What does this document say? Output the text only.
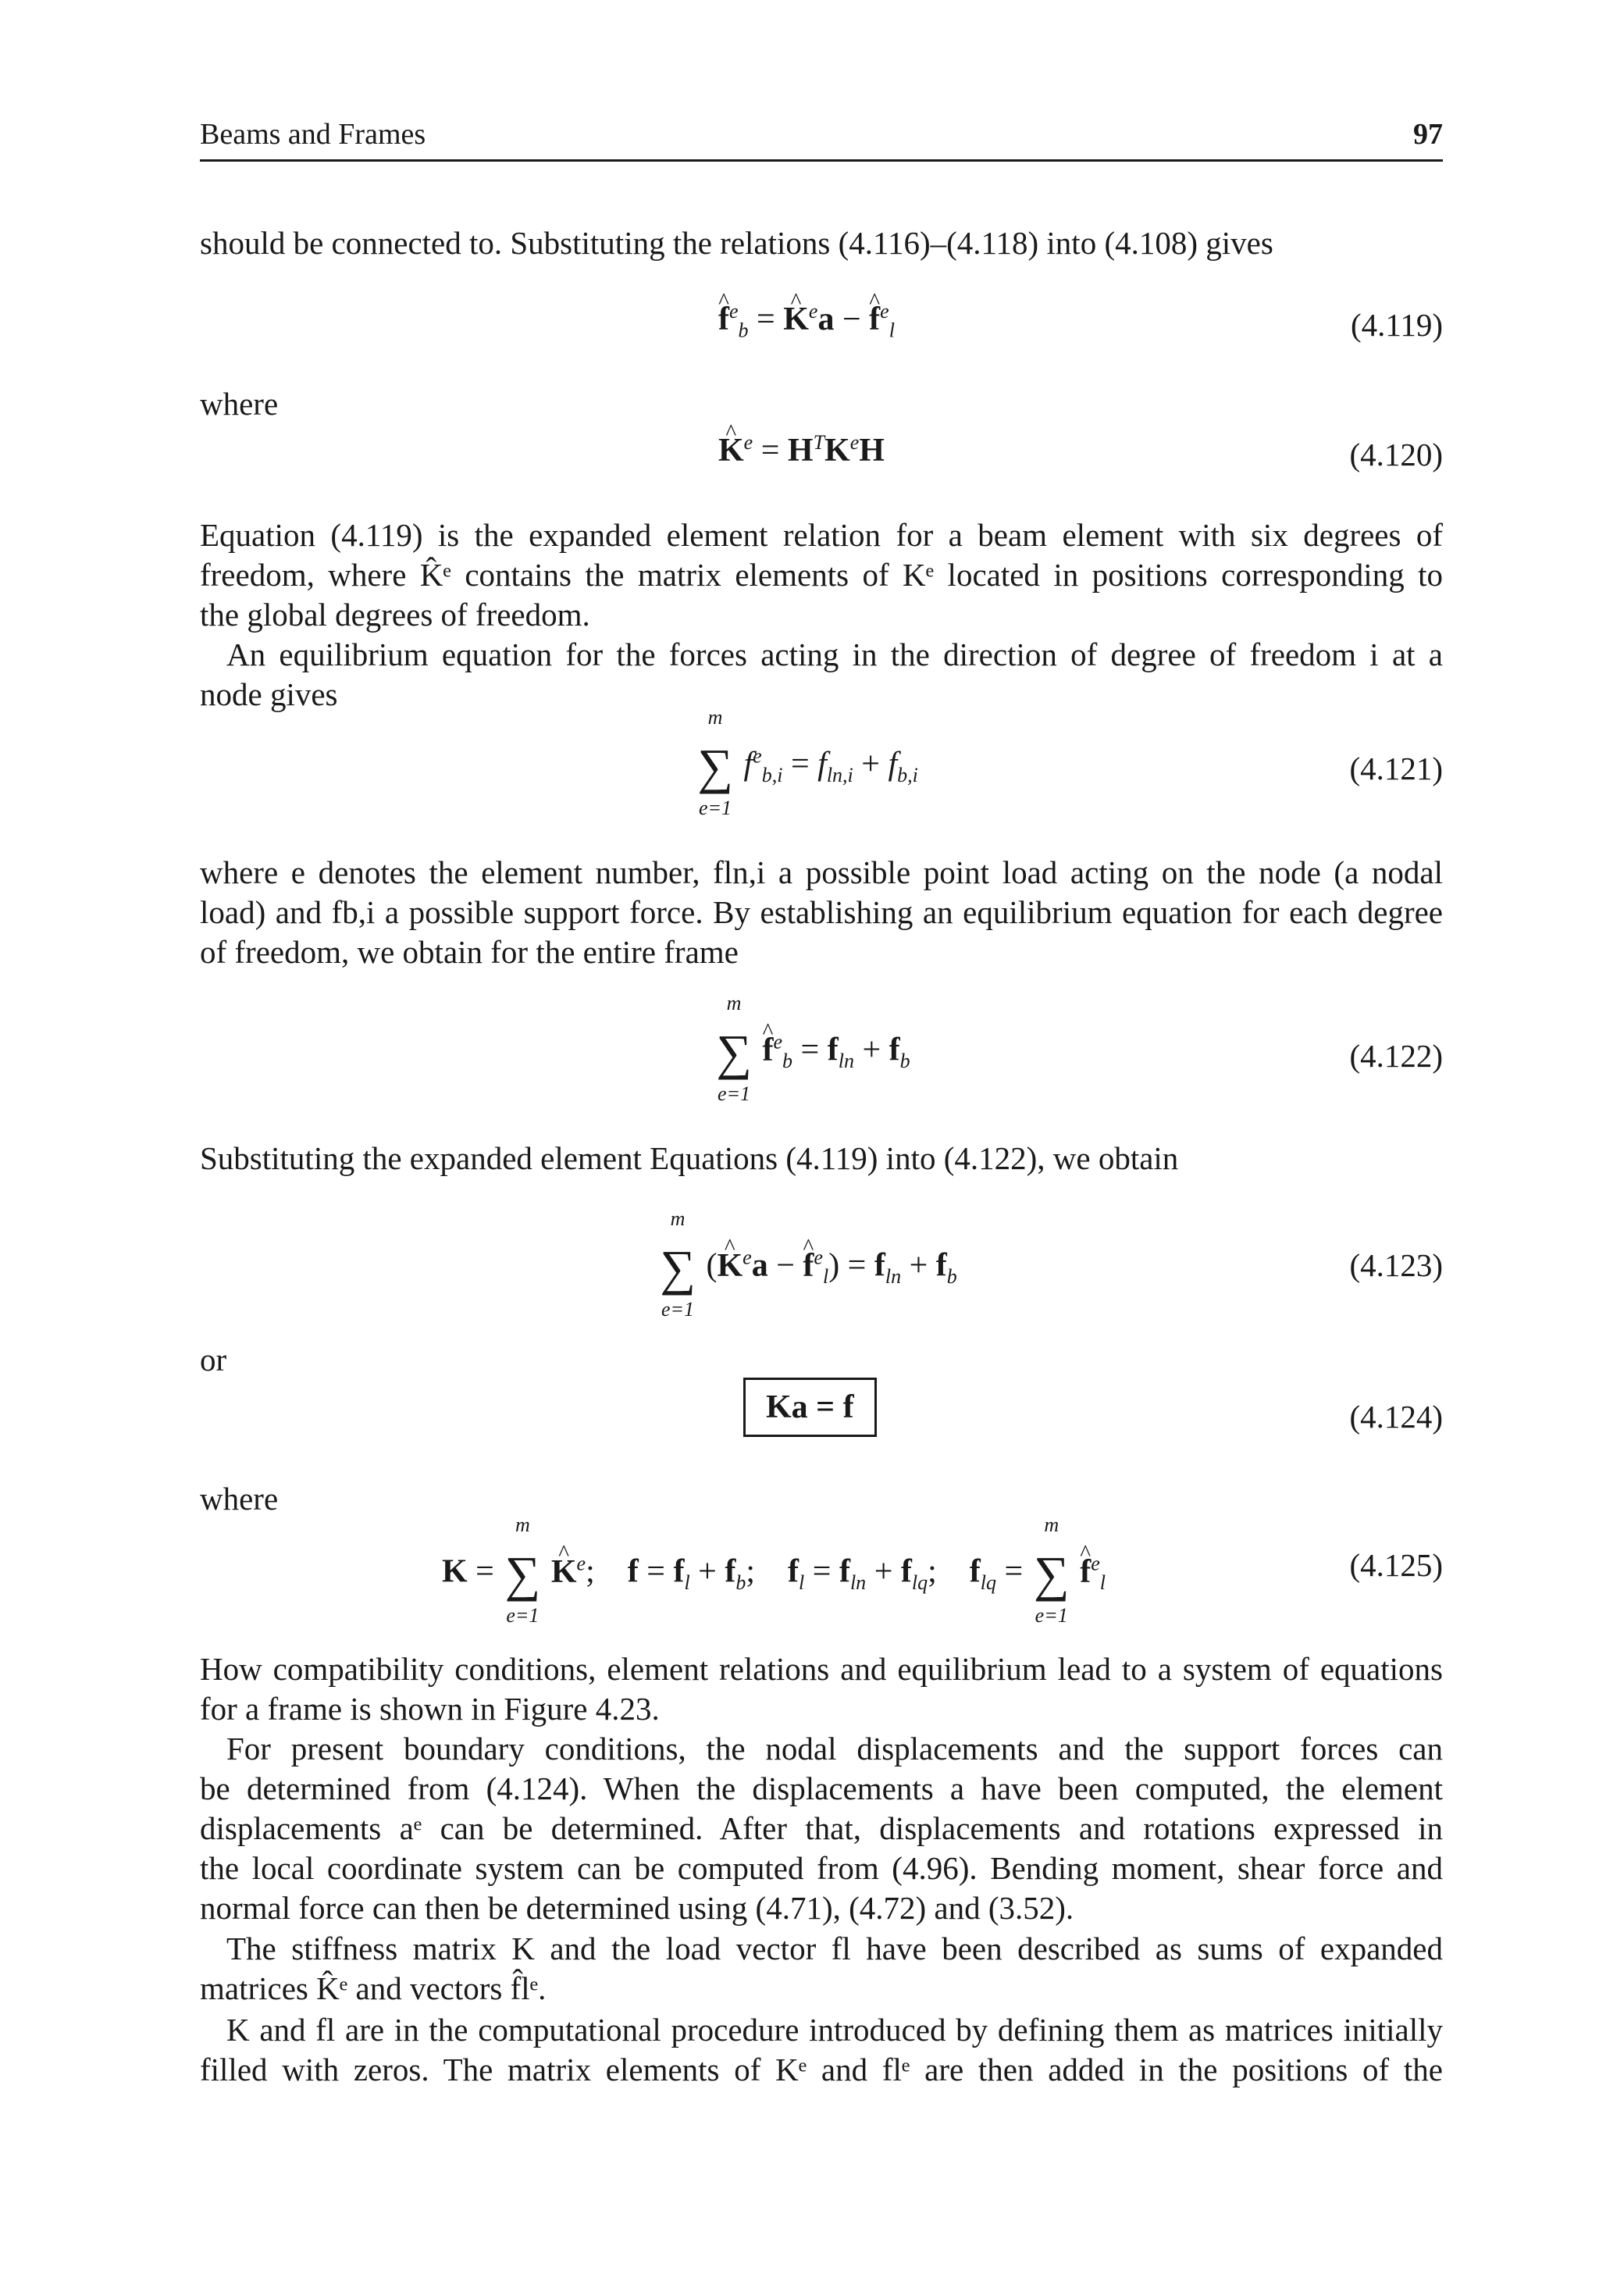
Beams and Frames	97
should be connected to. Substituting the relations (4.116)–(4.118) into (4.108) gives
^ $f^e_b$ = ^ $K^ea$ − ^ $f^e_l$	(4.119)
where
^ $K^e = H^TK^eH$	(4.120)
Equation (4.119) is the expanded element relation for a beam element with six degrees of
freedom, where K̂ᵉ contains the matrix elements of Kᵉ located in positions corresponding to
the global degrees of freedom.
An equilibrium equation for the forces acting in the direction of degree of freedom i at a
node gives
m
∑
e=1
$f^e_{b,i} = f_{ln,i} + f_{b,i}$	(4.121)
where e denotes the element number, fln,i a possible point load acting on the node (a nodal
load) and fb,i a possible support force. By establishing an equilibrium equation for each degree
of freedom, we obtain for the entire frame
m
∑
e=1
^ $f^e_b = f_{ln} + f_b$	(4.122)
Substituting the expanded element Equations (4.119) into (4.122), we obtain
m
∑
e=1
(^ $K^ea$ − ^ $f^e_l) = f_{ln} + f_b$	(4.123)
or
Ka = f	(4.124)
where
K =
m
∑
e=1
^ $K^e$;    $f = f_l + f_b$;    $f_l = f_{ln} + f_{lq}$;    $f_{lq}$ =
m
∑
e=1
^ $f^e_l$	(4.125)
How compatibility conditions, element relations and equilibrium lead to a system of equations
for a frame is shown in Figure 4.23.
For present boundary conditions, the nodal displacements and the support forces can
be determined from (4.124). When the displacements a have been computed, the element
displacements aᵉ can be determined. After that, displacements and rotations expressed in
the local coordinate system can be computed from (4.96). Bending moment, shear force and
normal force can then be determined using (4.71), (4.72) and (3.52).
The stiffness matrix K and the load vector fl have been described as sums of expanded
matrices K̂ᵉ and vectors f̂lᵉ.
K and fl are in the computational procedure introduced by defining them as matrices initially
filled with zeros. The matrix elements of Kᵉ and flᵉ are then added in the positions of the
